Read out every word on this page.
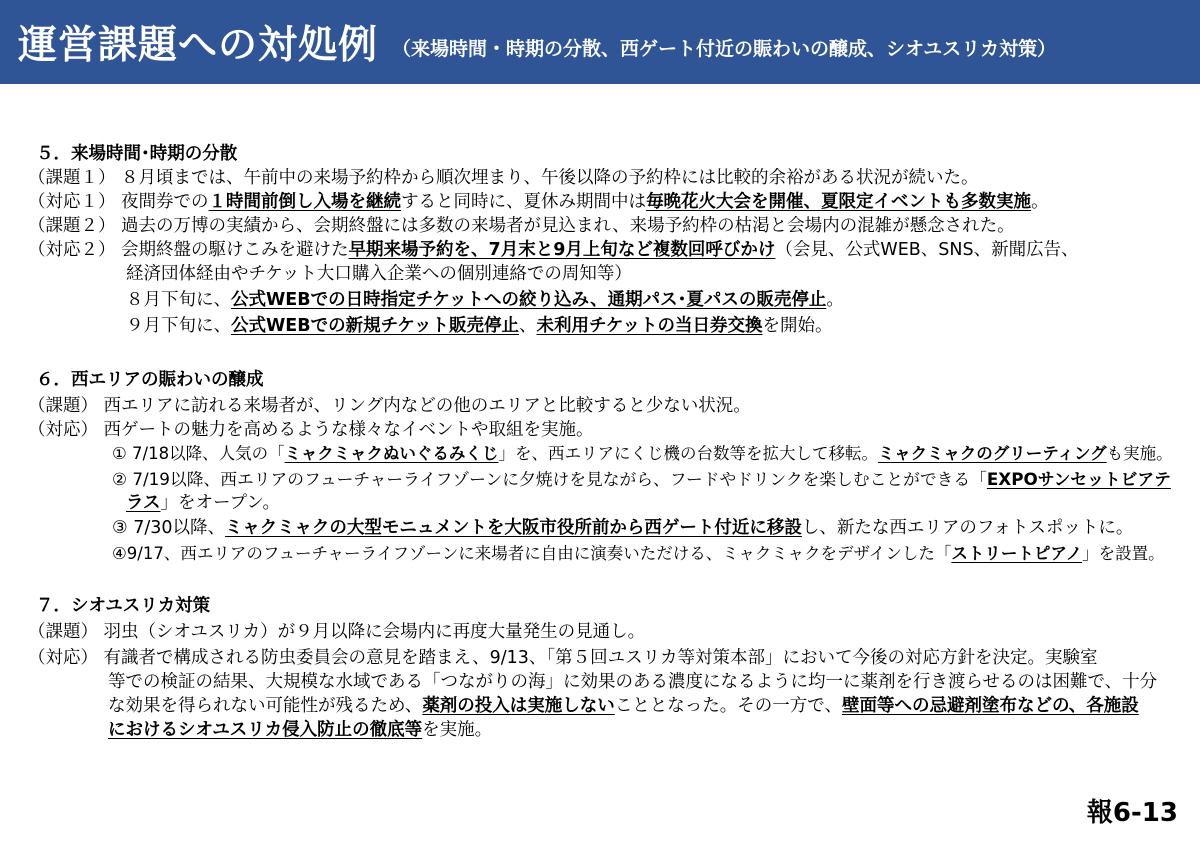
運営課題への対処例 （来場時間・時期の分散、西ゲート付近の賑わいの醸成、シオユスリカ対策）
５．来場時間･時期の分散
（課題１） ８月頃までは、午前中の来場予約枠から順次埋まり、午後以降の予約枠には比較的余裕がある状況が続いた。
（対応１） 夜間券での１時間前倒し入場を継続すると同時に、夏休み期間中は毎晩花火大会を開催、夏限定イベントも多数実施。
（課題２） 過去の万博の実績から、会期終盤には多数の来場者が見込まれ、来場予約枠の枯渇と会場内の混雑が懸念された。
（対応２） 会期終盤の駆けこみを避けた早期来場予約を、7月末と9月上旬など複数回呼びかけ（会見、公式WEB、SNS、新聞広告、
経済団体経由やチケット大口購入企業への個別連絡での周知等）
８月下旬に、公式WEBでの日時指定チケットへの絞り込み、通期パス･夏パスの販売停止。
９月下旬に、公式WEBでの新規チケット販売停止、未利用チケットの当日券交換を開始。
６．西エリアの賑わいの醸成
（課題） 西エリアに訪れる来場者が、リング内などの他のエリアと比較すると少ない状況。
（対応） 西ゲートの魅力を高めるような様々なイベントや取組を実施。
① 7/18以降、人気の「ミャクミャクぬいぐるみくじ」を、西エリアにくじ機の台数等を拡大して移転。ミャクミャクのグリーティングも実施。
② 7/19以降、西エリアのフューチャーライフゾーンに夕焼けを見ながら、フードやドリンクを楽しむことができる「EXPOサンセットビアテ
ラス」をオープン。
③ 7/30以降、ミャクミャクの大型モニュメントを大阪市役所前から西ゲート付近に移設し、新たな西エリアのフォトスポットに。
④9/17、西エリアのフューチャーライフゾーンに来場者に自由に演奏いただける、ミャクミャクをデザインした「ストリートピアノ」を設置。
７．シオユスリカ対策
（課題） 羽虫（シオユスリカ）が９月以降に会場内に再度大量発生の見通し。
（対応） 有識者で構成される防虫委員会の意見を踏まえ、9/13、「第５回ユスリカ等対策本部」において今後の対応方針を決定。実験室
等での検証の結果、大規模な水域である「つながりの海」に効果のある濃度になるように均一に薬剤を行き渡らせるのは困難で、十分
な効果を得られない可能性が残るため、薬剤の投入は実施しないこととなった。その一方で、壁面等への忌避剤塗布などの、各施設
におけるシオユスリカ侵入防止の徹底等を実施。
報6-13
